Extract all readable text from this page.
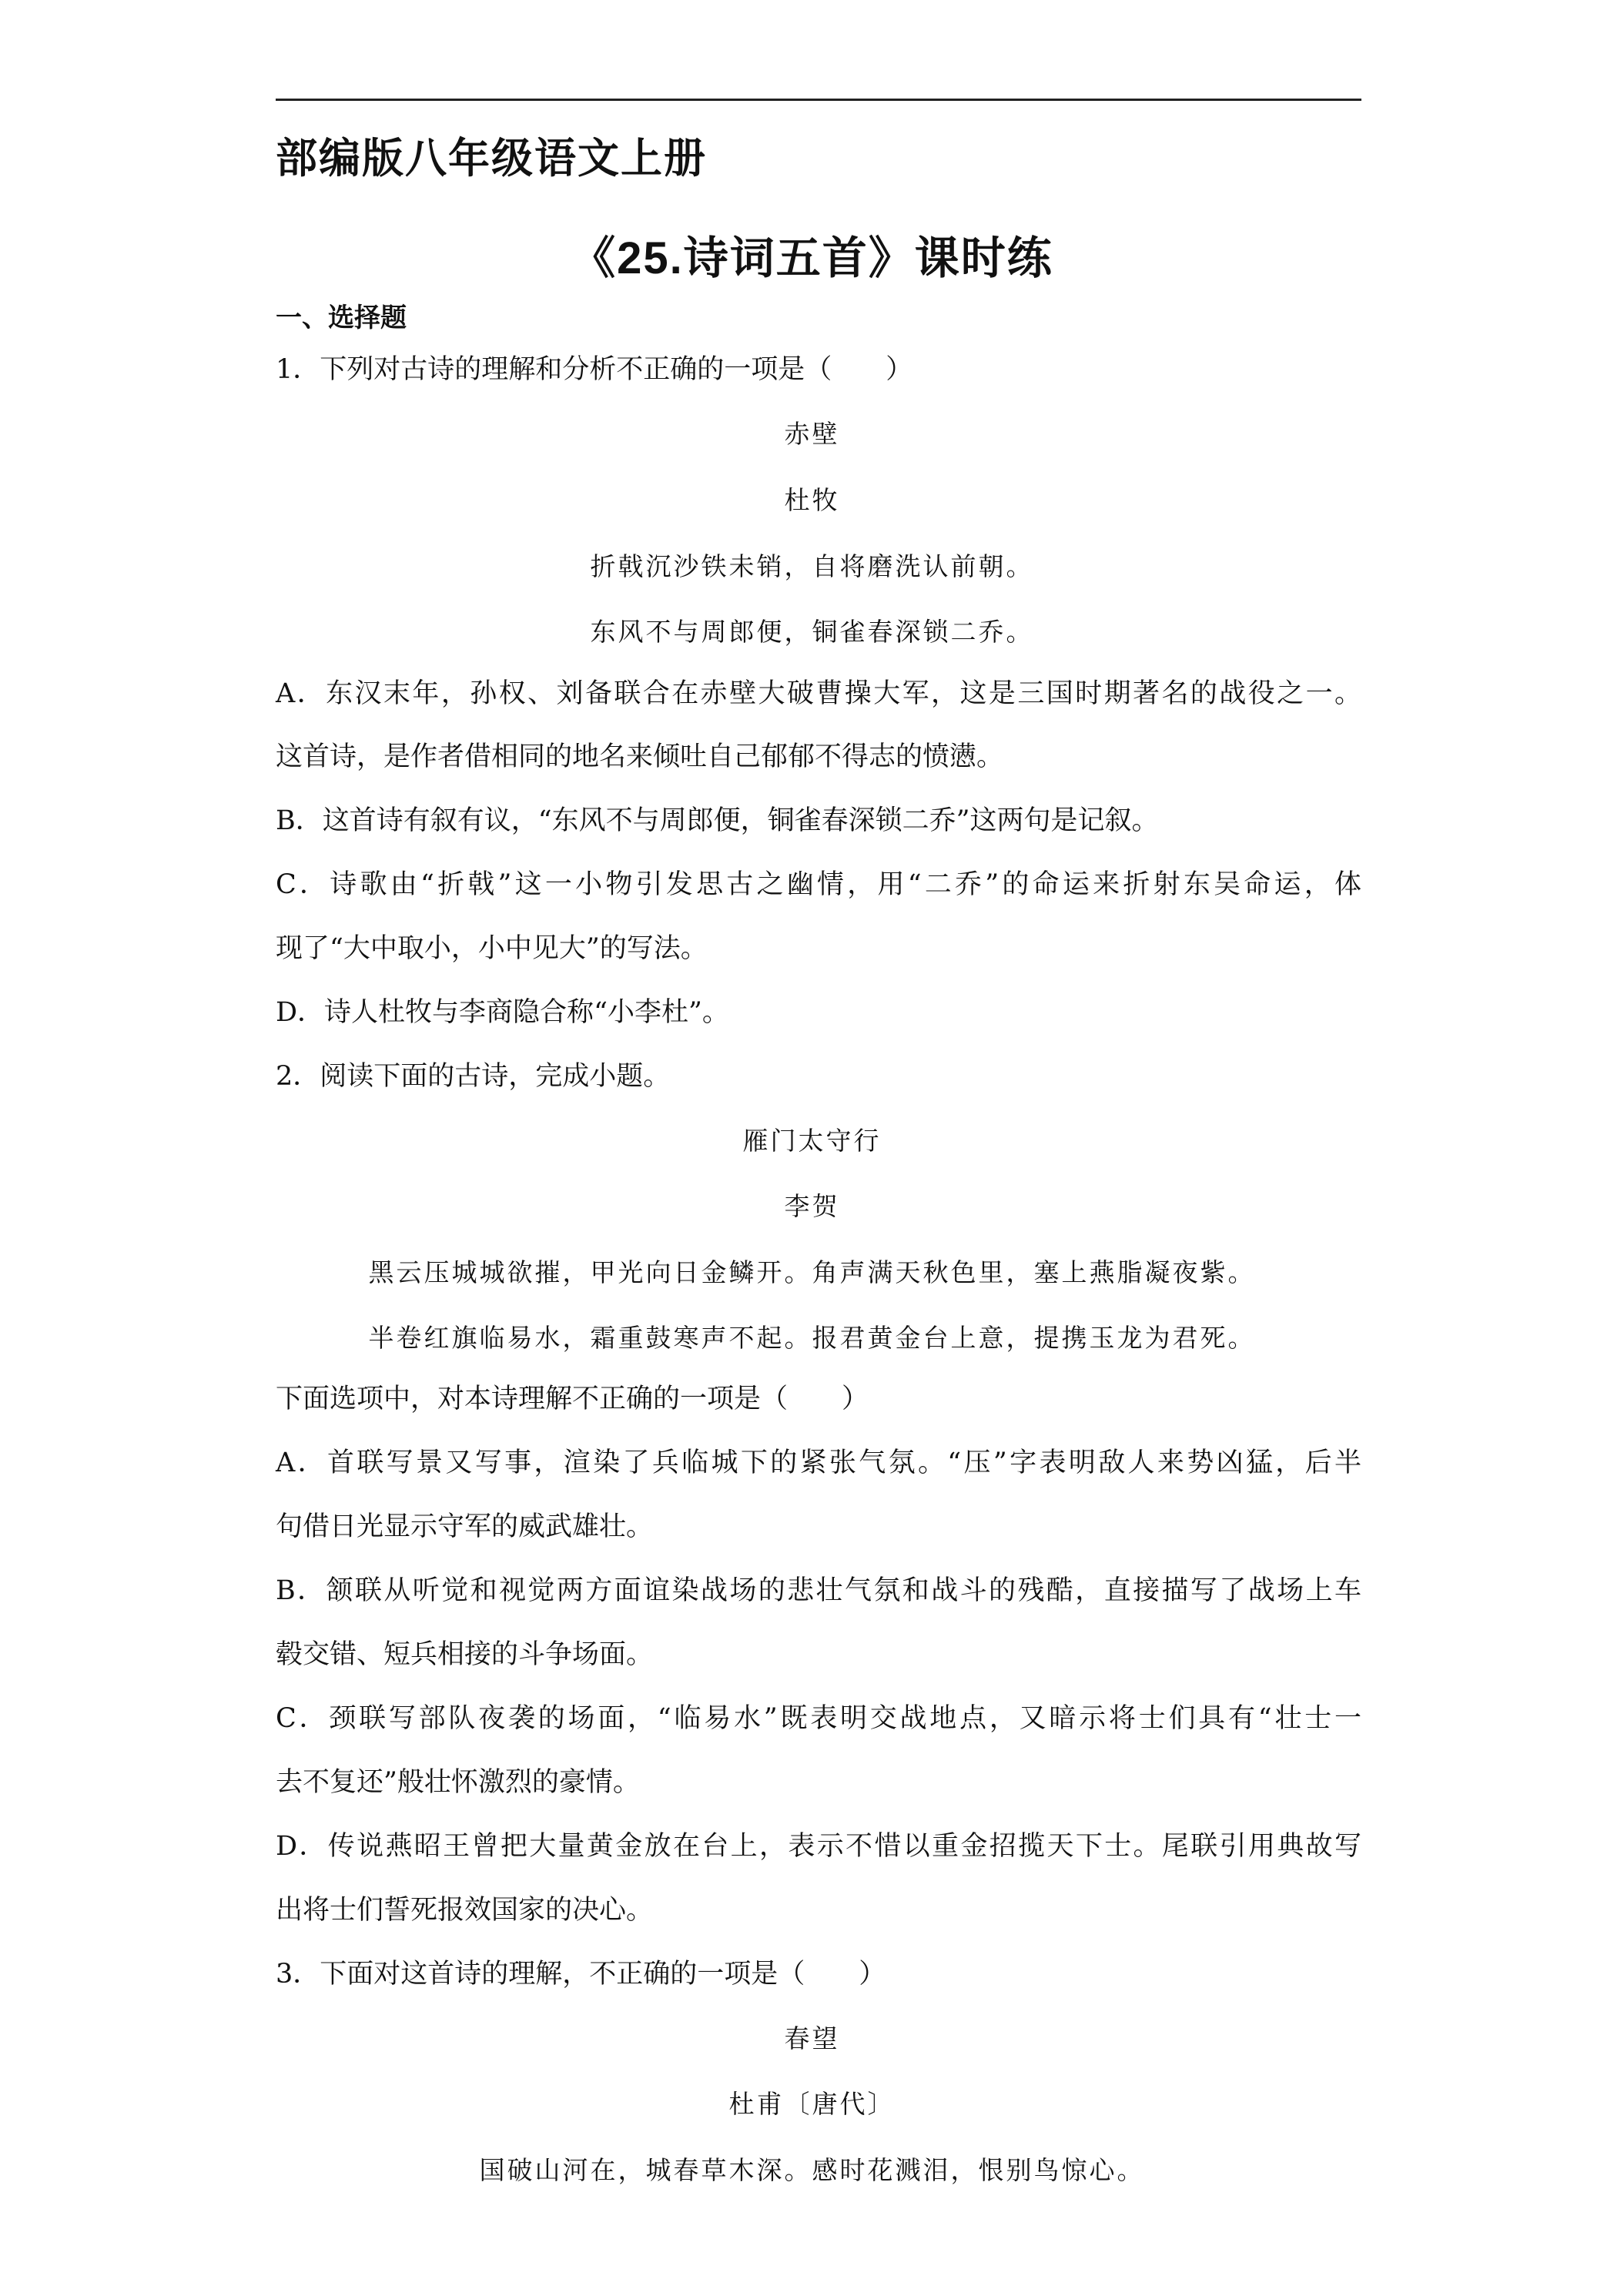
部编版八年级语文上册
《25.诗词五首》课时练
一、选择题
1．下列对古诗的理解和分析不正确的一项是（　　）
赤壁
杜牧
折戟沉沙铁未销，自将磨洗认前朝。
东风不与周郎便，铜雀春深锁二乔。
A．东汉末年，孙权、刘备联合在赤壁大破曹操大军，这是三国时期著名的战役之一。
这首诗，是作者借相同的地名来倾吐自己郁郁不得志的愤懑。
B．这首诗有叙有议，“东风不与周郎便，铜雀春深锁二乔”这两句是记叙。
C．诗歌由“折戟”这一小物引发思古之幽情，用“二乔”的命运来折射东吴命运，体
现了“大中取小，小中见大”的写法。
D．诗人杜牧与李商隐合称“小李杜”。
2．阅读下面的古诗，完成小题。
雁门太守行
李贺
黑云压城城欲摧，甲光向日金鳞开。角声满天秋色里，塞上燕脂凝夜紫。
半卷红旗临易水，霜重鼓寒声不起。报君黄金台上意，提携玉龙为君死。
下面选项中，对本诗理解不正确的一项是（　　）
A．首联写景又写事，渲染了兵临城下的紧张气氛。“压”字表明敌人来势凶猛，后半
句借日光显示守军的威武雄壮。
B．颔联从听觉和视觉两方面谊染战场的悲壮气氛和战斗的残酷，直接描写了战场上车
毂交错、短兵相接的斗争场面。
C．颈联写部队夜袭的场面，“临易水”既表明交战地点，又暗示将士们具有“壮士一
去不复还”般壮怀激烈的豪情。
D．传说燕昭王曾把大量黄金放在台上，表示不惜以重金招揽天下士。尾联引用典故写
出将士们誓死报效国家的决心。
3．下面对这首诗的理解，不正确的一项是（　　）
春望
杜甫〔唐代〕
国破山河在，城春草木深。感时花溅泪，恨别鸟惊心。
